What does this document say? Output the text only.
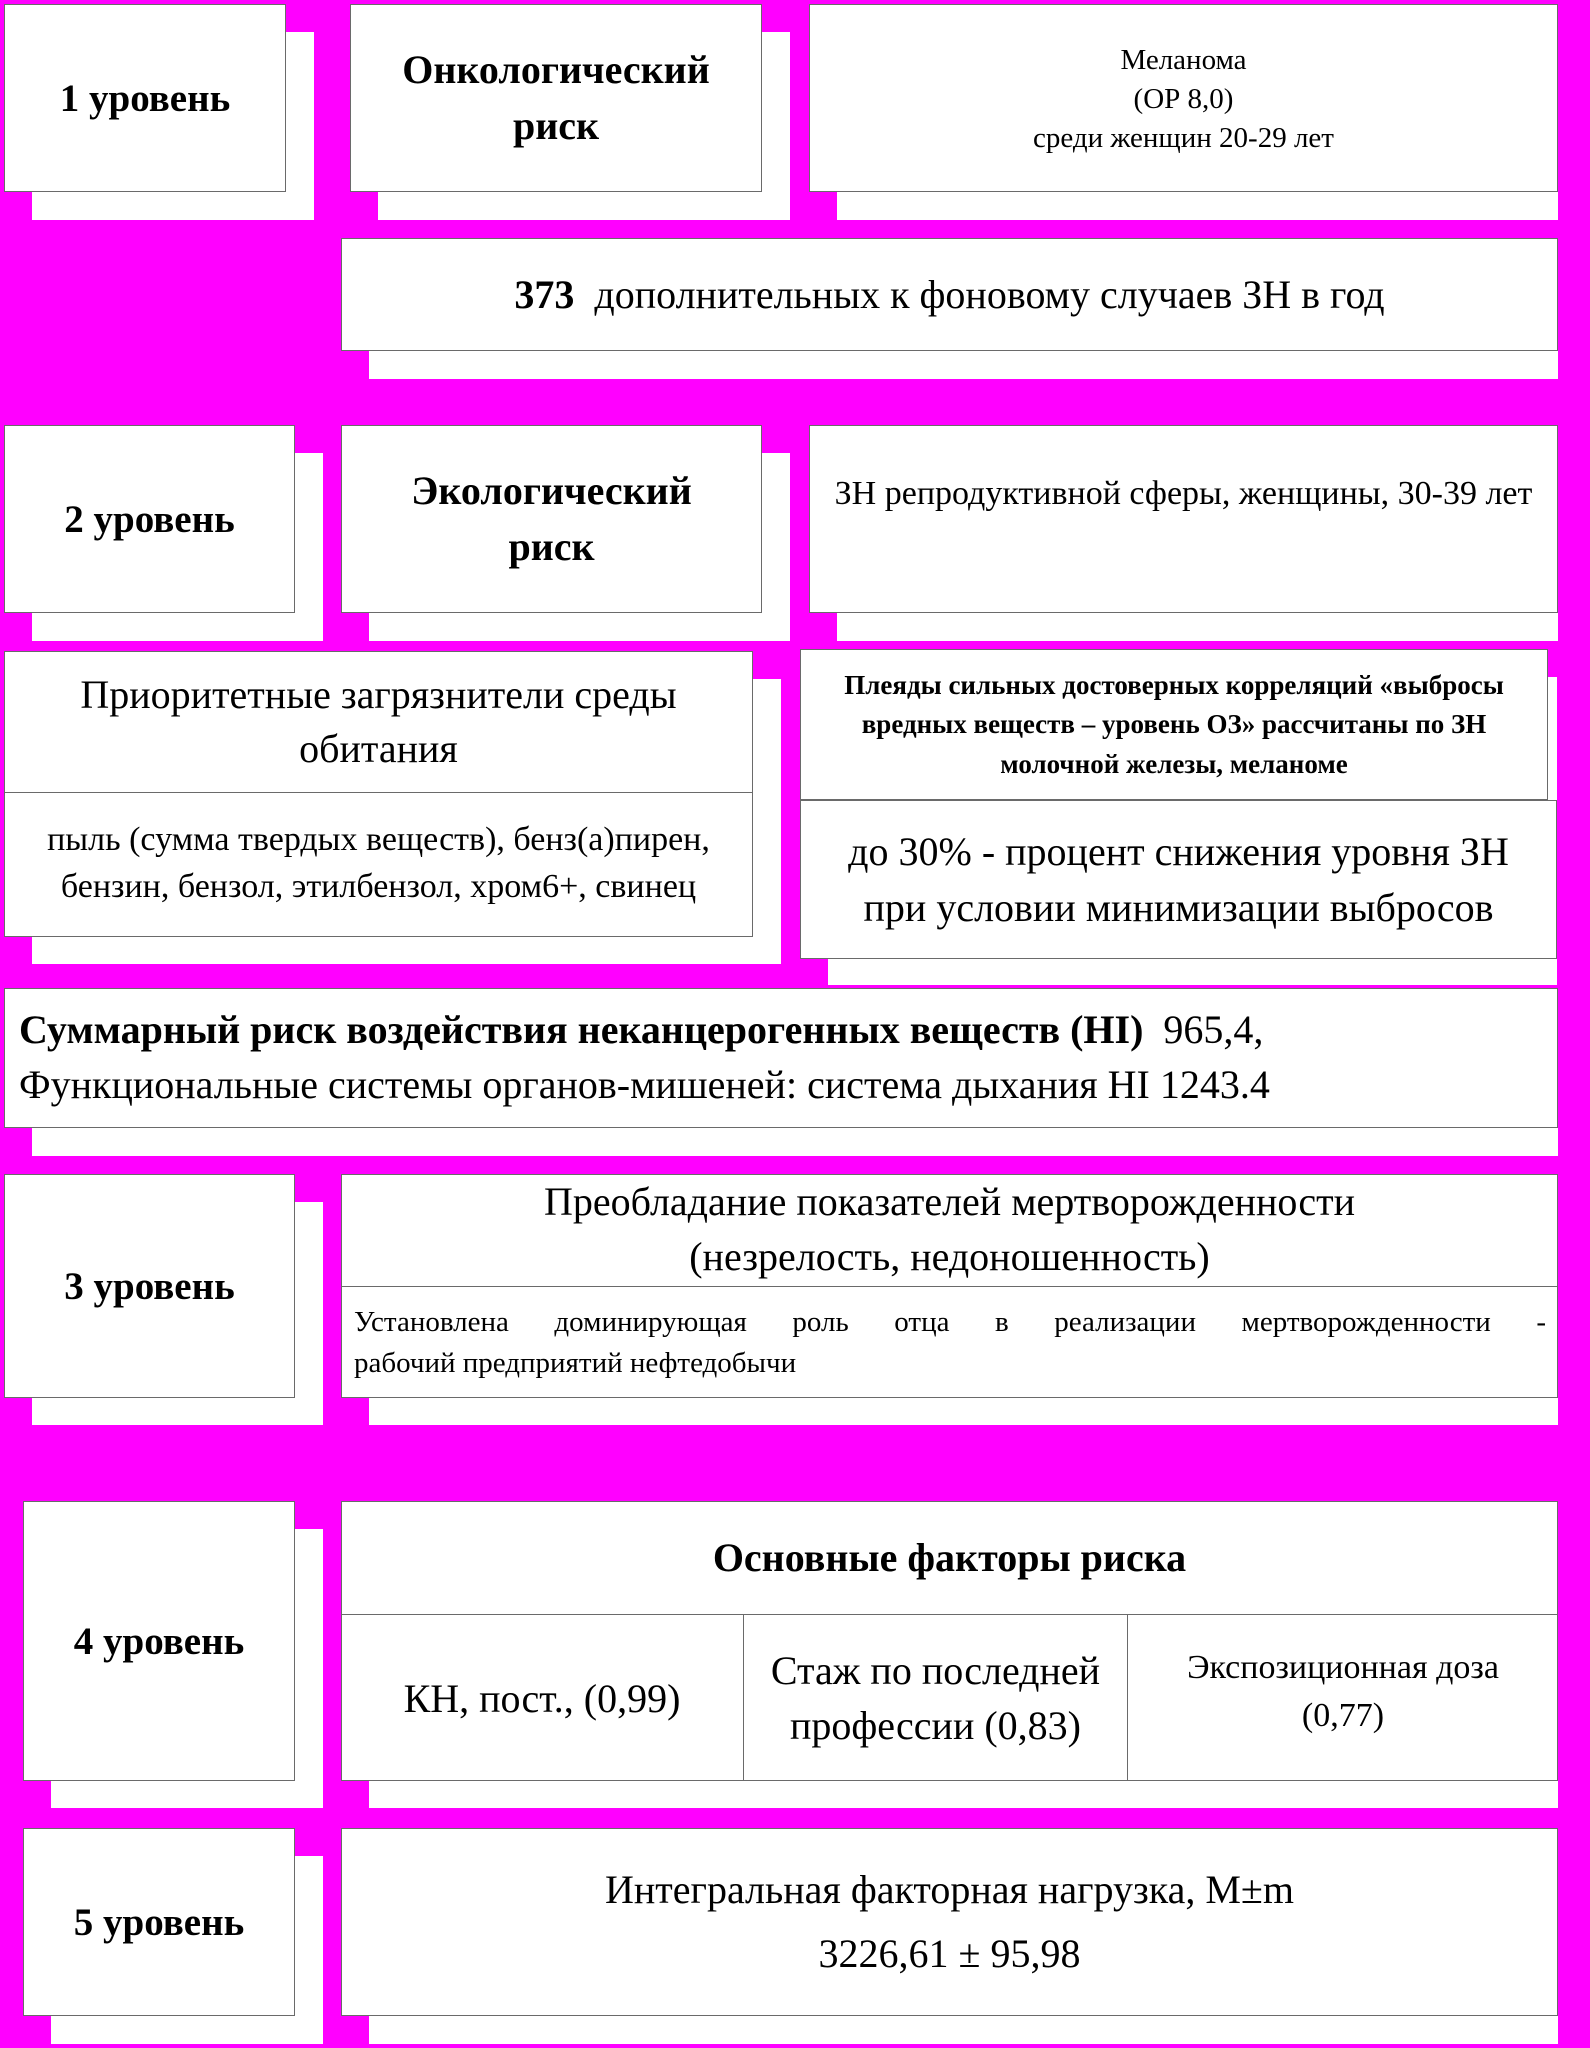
1 уровень
Онкологический риск
Меланома
(ОР 8,0)
среди женщин 20-29 лет
373 дополнительных к фоновому случаев ЗН в год
2 уровень
Экологический риск
ЗН репродуктивной сферы, женщины, 30-39 лет
Приоритетные загрязнители среды обитания
пыль (сумма твердых веществ), бенз(а)пирен, бензин, бензол, этилбензол, хром6+, свинец
Плеяды сильных достоверных корреляций «выбросы вредных веществ – уровень ОЗ» рассчитаны по ЗН молочной железы, меланоме
до 30% - процент снижения уровня ЗН при условии минимизации выбросов
Суммарный риск воздействия неканцерогенных веществ (HI) 965,4,
Функциональные системы органов-мишеней: система дыхания HI 1243.4
3 уровень
Преобладание показателей мертворожденности (незрелость, недоношенность)
Установлена доминирующая роль отца в реализации мертворожденности -
рабочий предприятий нефтедобычи
4 уровень
Основные факторы риска
КН, пост., (0,99)
Стаж по последней профессии (0,83)
Экспозиционная доза (0,77)
5 уровень
Интегральная факторная нагрузка, М±m
3226,61 ± 95,98
